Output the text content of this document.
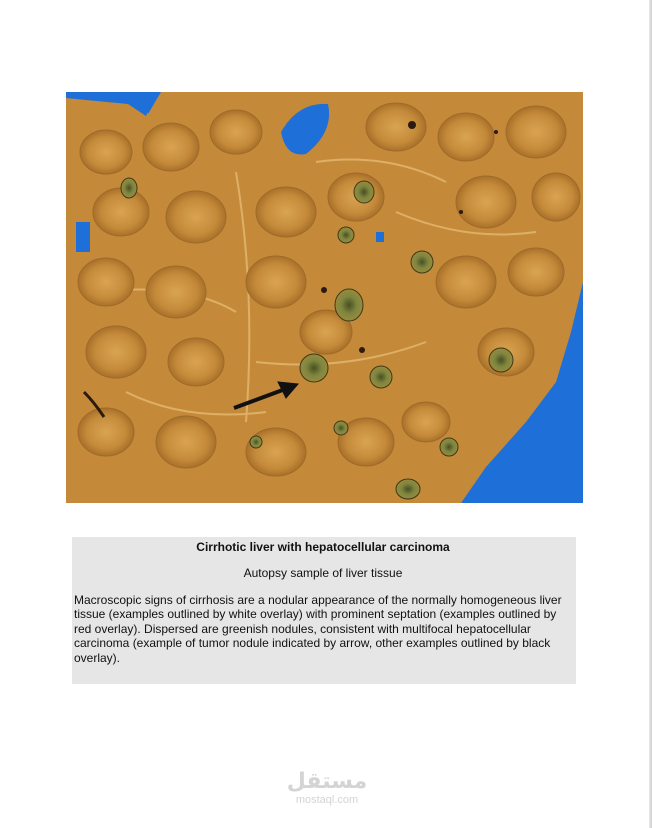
Cirrhotic liver with hepatocellular carcinoma
Autopsy sample of liver tissue
Macroscopic signs of cirrhosis are a nodular appearance of the normally homogeneous liver tissue (examples outlined by white overlay) with prominent septation (examples outlined by red overlay). Dispersed are greenish nodules, consistent with multifocal hepatocellular carcinoma (example of tumor nodule indicated by arrow, other examples outlined by black overlay).
مستقل
mostaql.com
